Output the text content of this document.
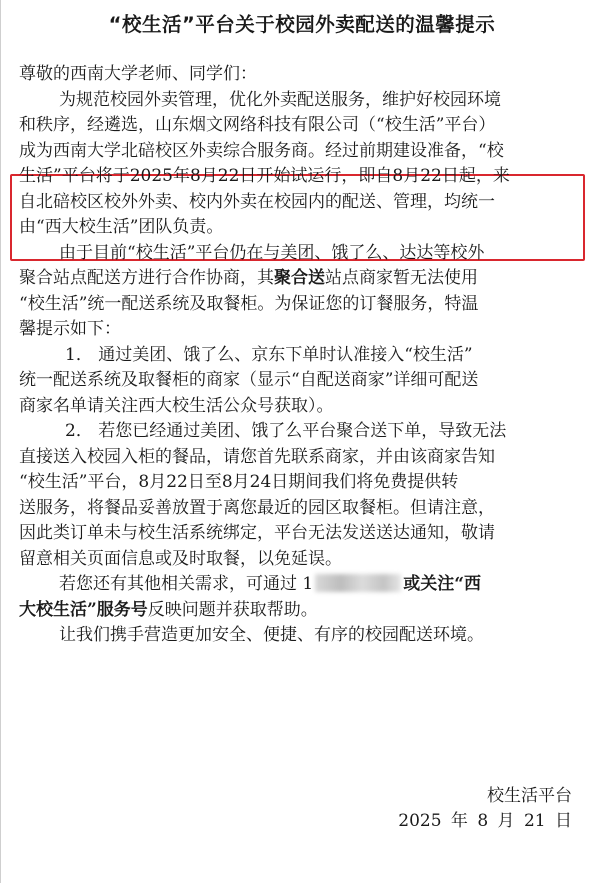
“校生活”平台关于校园外卖配送的温馨提示
尊敬的西南大学老师、同学们：
为规范校园外卖管理，优化外卖配送服务，维护好校园环境
和秩序，经遴选，山东烟文网络科技有限公司（“校生活”平台）
成为西南大学北碚校区外卖综合服务商。经过前期建设准备，“校
生活”平台将于2025年8月22日开始试运行，即自8月22日起，来
自北碚校区校外外卖、校内外卖在校园内的配送、管理，均统一
由“西大校生活”团队负责。
由于目前“校生活”平台仍在与美团、饿了么、达达等校外
聚合站点配送方进行合作协商，其聚合送站点商家暂无法使用
“校生活”统一配送系统及取餐柜。为保证您的订餐服务，特温
馨提示如下：
1． 通过美团、饿了么、京东下单时认准接入“校生活”
统一配送系统及取餐柜的商家（显示“自配送商家”详细可配送
商家名单请关注西大校生活公众号获取）。
2． 若您已经通过美团、饿了么平台聚合送下单，导致无法
直接送入校园入柜的餐品，请您首先联系商家，并由该商家告知
“校生活”平台，8月22日至8月24日期间我们将免费提供转
送服务，将餐品妥善放置于离您最近的园区取餐柜。但请注意，
因此类订单未与校生活系统绑定，平台无法发送送达通知，敬请
留意相关页面信息或及时取餐，以免延误。
若您还有其他相关需求，可通过 1	或关注“西
大校生活”服务号反映问题并获取帮助。
让我们携手营造更加安全、便捷、有序的校园配送环境。
校生活平台
2025 年 8 月 21 日
